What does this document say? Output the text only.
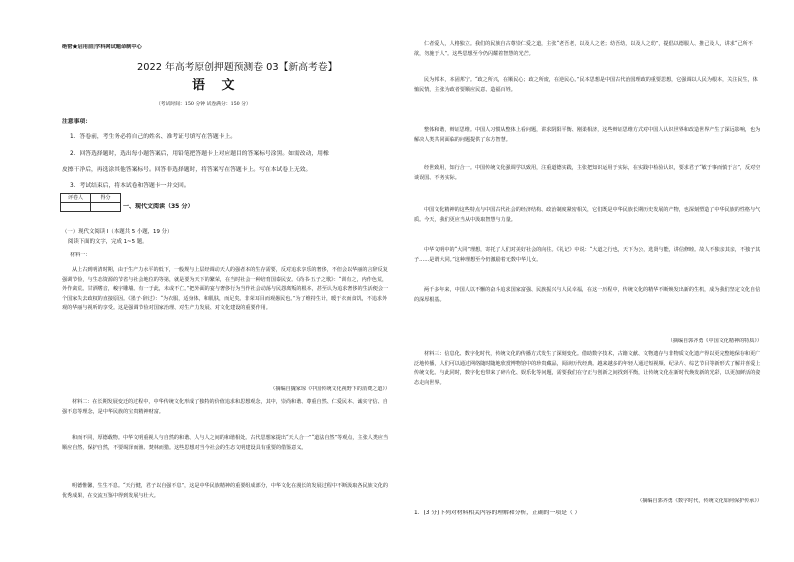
绝密★启用前|学科网试题命制中心
2022 年高考原创押题预测卷 03【新高考卷】
语 文
（考试时间：150 分钟 试卷满分：150 分）
注意事项：
1．答卷前，考生务必将自己的姓名、准考证号填写在答题卡上。
2．回答选择题时，选出每小题答案后，用铅笔把答题卡上对应题目的答案标号涂黑。如需改动，用橡
皮擦干净后，再选涂其他答案标号。回答非选择题时，将答案写在答题卡上。写在本试卷上无效。
3．考试结束后，将本试卷和答题卡一并交回。
评卷人	得分

一、现代文阅读（35 分）
（一）现代文阅读 I（本题共 5 小题，19 分）
阅读下面的文字，完成 1~5 题。
材料一：
从上古到明清时期，由于生产力水平的低下，一般规与上层经调动天人的强者本的生存需要，反对追求享乐的奢侈，不但会以华丽的言辞反复强调节俭，与生态资源的节省与社会地位的等第，就是要为天下的繁荣，在当时社会一种培育国泰民安。《尚书·五子之歌》：“训有之，内作色荒，外作禽荒。甘酒嗜音，峻宇雕墙。有一于此，未或不亡。”把外面的宴与奢侈行为当作社会动荡与民怨离叛的根本，甚至认为追求奢侈的生活便会一个国家失去政权的直接原因。《墨子·辞过》：“为衣服，适身体，和肌肤，而足矣。非荣耳目而观愚民也。”为了维持生计，暖于衣而食饥，不追求外观的华丽与视听的享受。这是强调节俭对国家治理、对生产力发展、对文化建设的重要作用。
（摘编自魏家琼《中国传统文化视野下的消费之道》）
材料二：在长期发展变迁的过程中，中华传统文化形成了独特的价值追求和思想观念，其中，崇尚和谐、尊重自然、仁爱民本、诚实守信、自强不息等理念，是中华民族的宝贵精神财富。
和而不同，厚德载物。中华文明重视人与自然的和谐、人与人之间的和谐相处。古代思想家提出“天人合一”“道法自然”等观点，主张人类应当顺应自然，保护自然，不要竭泽而渔、焚林而猎。这些思想对当今社会的生态文明建设具有重要的借鉴意义。
明德惟馨，生生不息。“天行健，君子以自强不息”，这是中华民族精神的重要组成部分，中华文化在漫长的发展过程中不断汲取各民族文化的优秀成果，在交流互鉴中得到发展与壮大。
仁者爱人，人格独立。我们的民族自古尊崇仁爱之道，主张“老吾老，以及人之老；幼吾幼，以及人之幼”，提倡以德服人、推己及人，讲求“己所不欲，勿施于人”。这些思想至今仍闪耀着智慧的光芒。
民为邦本，本固邦宁。“政之所兴，在顺民心；政之所废，在逆民心。”民本思想是中国古代治国理政的重要思想，它强调以人民为根本，关注民生，体恤民情，主张为政者要顺应民意、造福百姓。
整体和谐，辩证思维。中国人习惯从整体上看问题，讲求阴阳平衡、刚柔相济，这些辩证思维方式对中国人认识世界和改造世界产生了深远影响，也为解决人类共同面临的问题提供了东方智慧。
经世致用，知行合一。中国传统文化强调学以致用，注重道德实践，主张把知识运用于实际，在实践中检验认识，要求君子“敏于事而慎于言”，反对空谈误国、不务实际。
中国文化精神的这些特点与中国古代社会的经济结构、政治制度紧密相关，它们既是中华民族长期历史发展的产物，也深刻塑造了中华民族的性格与气质。今天，我们更应当从中汲取智慧与力量。
中华文明中的“大同”理想，寄托了人们对美好社会的向往。《礼记》中说：“大道之行也，天下为公，选贤与能，讲信修睦。故人不独亲其亲，不独子其子……是谓大同。”这种理想至今仍激励着无数中华儿女。
两千多年来，中国人以不懈的奋斗追求国家富强、民族振兴与人民幸福，在这一历程中，传统文化的精华不断焕发出新的生机，成为我们坚定文化自信的深厚根基。
（摘编自郭齐勇《中国文化精神的特质》）
材料三：信息化、数字化时代，传统文化的传播方式发生了深刻变化。借助数字技术，古籍文献、文物遗存与非物质文化遗产得以更完整地保存和更广泛地传播，人们可以通过网络随时随地欣赏博物馆中的珍贵藏品，阅读历代经典。越来越多的年轻人通过短视频、纪录片、综艺节目等新形式了解并喜爱上传统文化。与此同时，数字化也带来了碎片化、娱乐化等问题，需要我们在守正与创新之间找到平衡，让传统文化在新时代焕发新的光彩，以更加鲜活的姿态走向世界。
（摘编自郭齐勇《数字时代，传统文化如何保护传承》）
1．(3 分)下列对材料相关内容的理解和分析，正确的一项是（ ）
